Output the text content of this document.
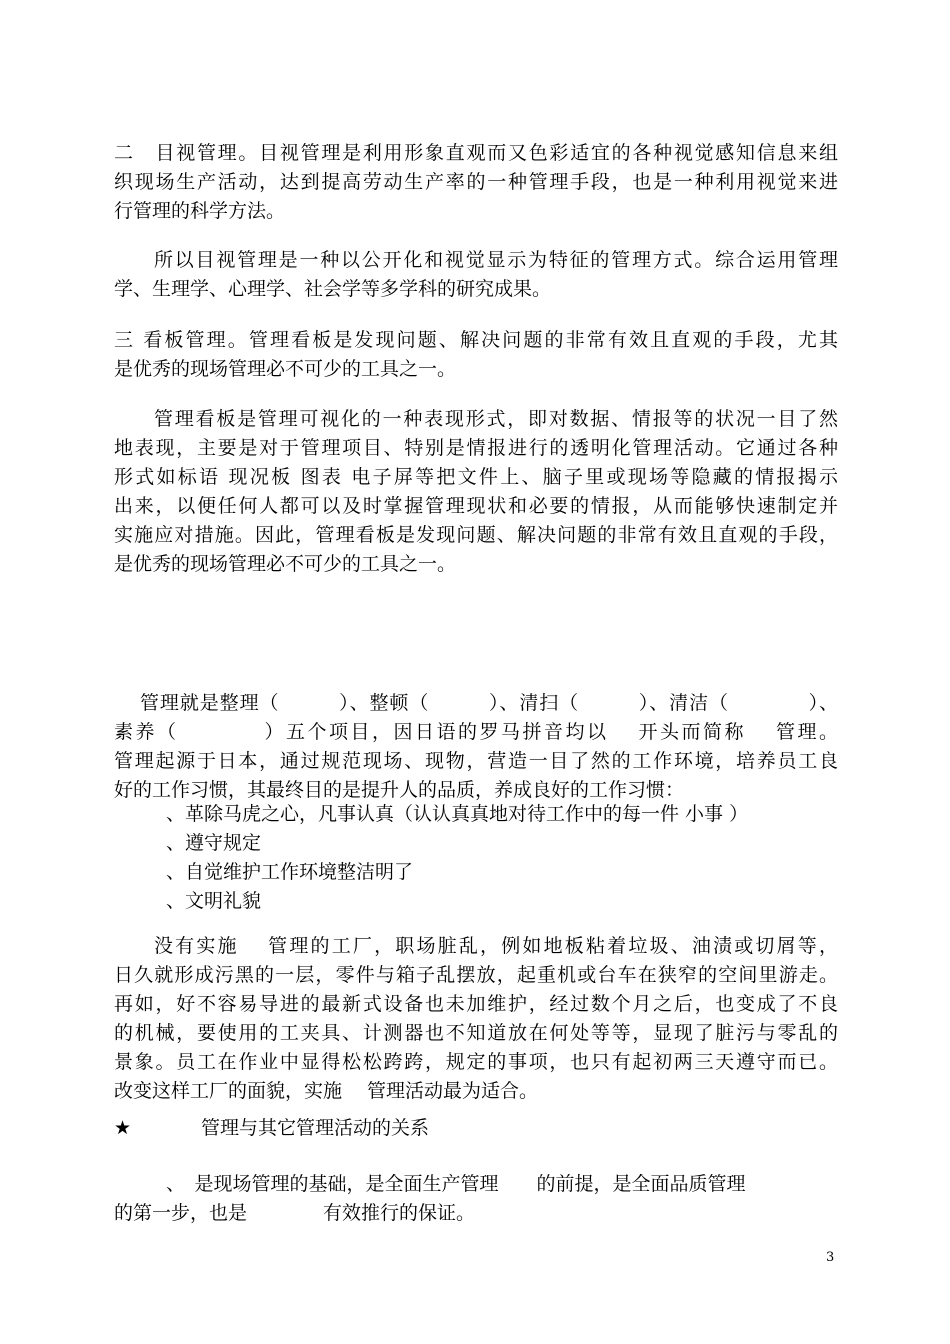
二　目视管理。目视管理是利用形象直观而又色彩适宜的各种视觉感知信息来组

织现场生产活动，达到提高劳动生产率的一种管理手段，也是一种利用视觉来进

行管理的科学方法。

所以目视管理是一种以公开化和视觉显示为特征的管理方式。综合运用管理

学、生理学、心理学、社会学等多学科的研究成果。

三 看板管理。管理看板是发现问题、解决问题的非常有效且直观的手段，尤其

是优秀的现场管理必不可少的工具之一。

管理看板是管理可视化的一种表现形式，即对数据、情报等的状况一目了然

地表现，主要是对于管理项目、特别是情报进行的透明化管理活动。它通过各种

形式如标语 现况板 图表 电子屏等把文件上、脑子里或现场等隐藏的情报揭示

出来，以便任何人都可以及时掌握管理现状和必要的情报，从而能够快速制定并

实施应对措施。因此，管理看板是发现问题、解决问题的非常有效且直观的手段，

是优秀的现场管理必不可少的工具之一。

管理就是整理（　　　）、整顿（　　　）、清扫（　　　）、清洁（　　　　）、

素养（　　　　）五个项目，因日语的罗马拼音均以　 开头而简称　 管理。

管理起源于日本，通过规范现场、现物，营造一目了然的工作环境，培养员工良

好的工作习惯，其最终目的是提升人的品质，养成良好的工作习惯：

、革除马虎之心，凡事认真（认认真真地对待工作中的每一件 小事 ）

、遵守规定

、自觉维护工作环境整洁明了

、文明礼貌

没有实施　 管理的工厂，职场脏乱，例如地板粘着垃圾、油渍或切屑等，

日久就形成污黑的一层，零件与箱子乱摆放，起重机或台车在狭窄的空间里游走。

再如，好不容易导进的最新式设备也未加维护，经过数个月之后，也变成了不良

的机械，要使用的工夹具、计测器也不知道放在何处等等，显现了脏污与零乱的

景象。员工在作业中显得松松跨跨，规定的事项，也只有起初两三天遵守而已。

改变这样工厂的面貌，实施　 管理活动最为适合。

★	管理与其它管理活动的关系

、　是现场管理的基础，是全面生产管理　　的前提，是全面品质管理

的第一步，也是　　　　有效推行的保证。

3
